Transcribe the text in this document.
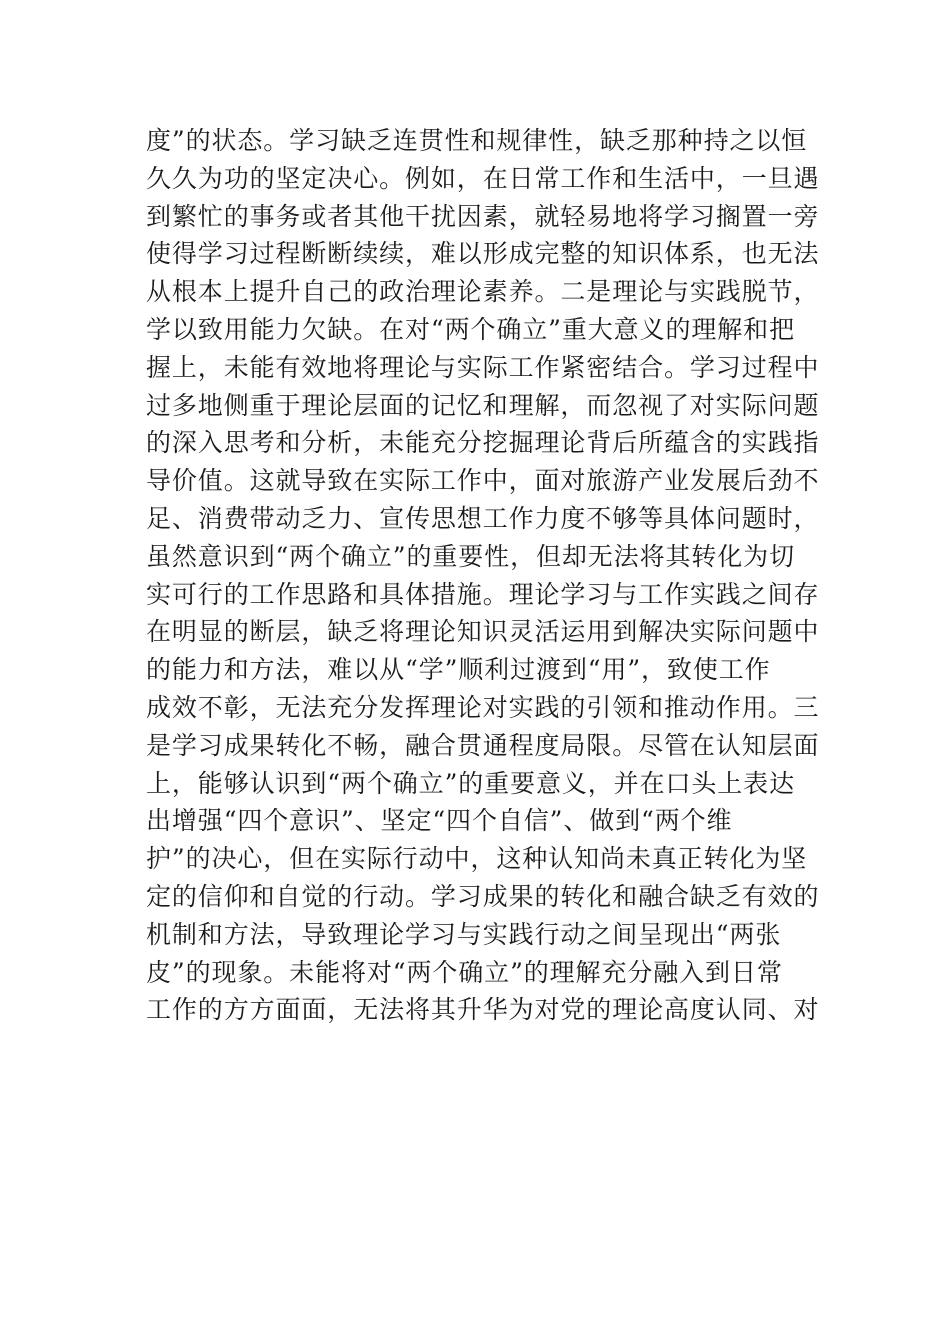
度”的状态。学习缺乏连贯性和规律性，缺乏那种持之以恒
久久为功的坚定决心。例如，在日常工作和生活中，一旦遇
到繁忙的事务或者其他干扰因素，就轻易地将学习搁置一旁
使得学习过程断断续续，难以形成完整的知识体系，也无法
从根本上提升自己的政治理论素养。二是理论与实践脱节，
学以致用能力欠缺。在对“两个确立”重大意义的理解和把
握上，未能有效地将理论与实际工作紧密结合。学习过程中
过多地侧重于理论层面的记忆和理解，而忽视了对实际问题
的深入思考和分析，未能充分挖掘理论背后所蕴含的实践指
导价值。这就导致在实际工作中，面对旅游产业发展后劲不
足、消费带动乏力、宣传思想工作力度不够等具体问题时，
虽然意识到“两个确立”的重要性，但却无法将其转化为切
实可行的工作思路和具体措施。理论学习与工作实践之间存
在明显的断层，缺乏将理论知识灵活运用到解决实际问题中
的能力和方法，难以从“学”顺利过渡到“用”，致使工作
成效不彰，无法充分发挥理论对实践的引领和推动作用。三
是学习成果转化不畅，融合贯通程度局限。尽管在认知层面
上，能够认识到“两个确立”的重要意义，并在口头上表达
出增强“四个意识”、坚定“四个自信”、做到“两个维
护”的决心，但在实际行动中，这种认知尚未真正转化为坚
定的信仰和自觉的行动。学习成果的转化和融合缺乏有效的
机制和方法，导致理论学习与实践行动之间呈现出“两张
皮”的现象。未能将对“两个确立”的理解充分融入到日常
工作的方方面面，无法将其升华为对党的理论高度认同、对
